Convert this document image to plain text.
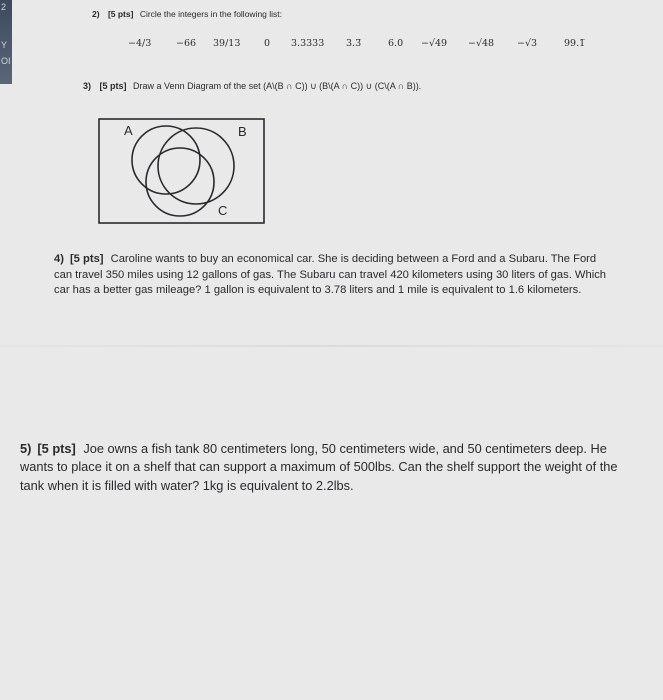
2
Y
OI
2) [5 pts] Circle the integers in the following list:
−4/3	−66 39/13 0 3.3333 3.3̅	6.0 −√49 −√48 −√3	99.1̅
3) [5 pts] Draw a Venn Diagram of the set (A\(B ∩ C)) ∪ (B\(A ∩ C)) ∪ (C\(A ∩ B)).
A	B
C
4) [5 pts] Caroline wants to buy an economical car. She is deciding between a Ford and a Subaru. The Ford can travel 350 miles using 12 gallons of gas. The Subaru can travel 420 kilometers using 30 liters of gas. Which car has a better gas mileage? 1 gallon is equivalent to 3.78 liters and 1 mile is equivalent to 1.6 kilometers.
5) [5 pts] Joe owns a fish tank 80 centimeters long, 50 centimeters wide, and 50 centimeters deep. He wants to place it on a shelf that can support a maximum of 500lbs. Can the shelf support the weight of the tank when it is filled with water? 1kg is equivalent to 2.2lbs.
